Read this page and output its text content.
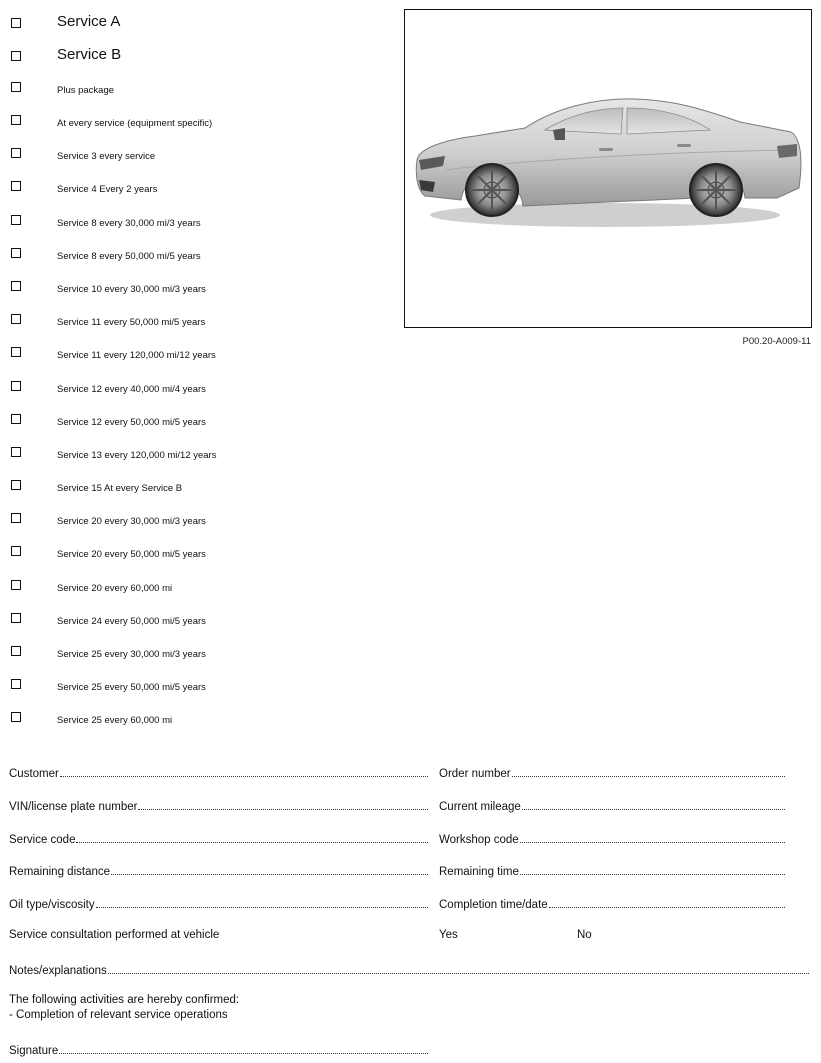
Service A
Service B
Plus package
At every service (equipment specific)
Service 3 every service
Service 4 Every 2 years
Service 8 every 30,000 mi/3 years
Service 8 every 50,000 mi/5 years
Service 10 every 30,000 mi/3 years
Service 11 every 50,000 mi/5 years
Service 11 every 120,000 mi/12 years
Service 12 every 40,000 mi/4 years
Service 12 every 50,000 mi/5 years
Service 13 every 120,000 mi/12 years
Service 15 At every Service B
Service 20 every 30,000 mi/3 years
Service 20 every 50,000 mi/5 years
Service 20 every 60,000 mi
Service 24 every 50,000 mi/5 years
Service 25 every 30,000 mi/3 years
Service 25 every 50,000 mi/5 years
Service 25 every 60,000 mi
P00.20-A009-11
Customer	Order number
VIN/license plate number	Current mileage
Service code	Workshop code
Remaining distance	Remaining time
Oil type/viscosity	Completion time/date
Service consultation performed at vehicle	Yes	No
Notes/explanations
The following activities are hereby confirmed:
- Completion of relevant service operations
Signature
